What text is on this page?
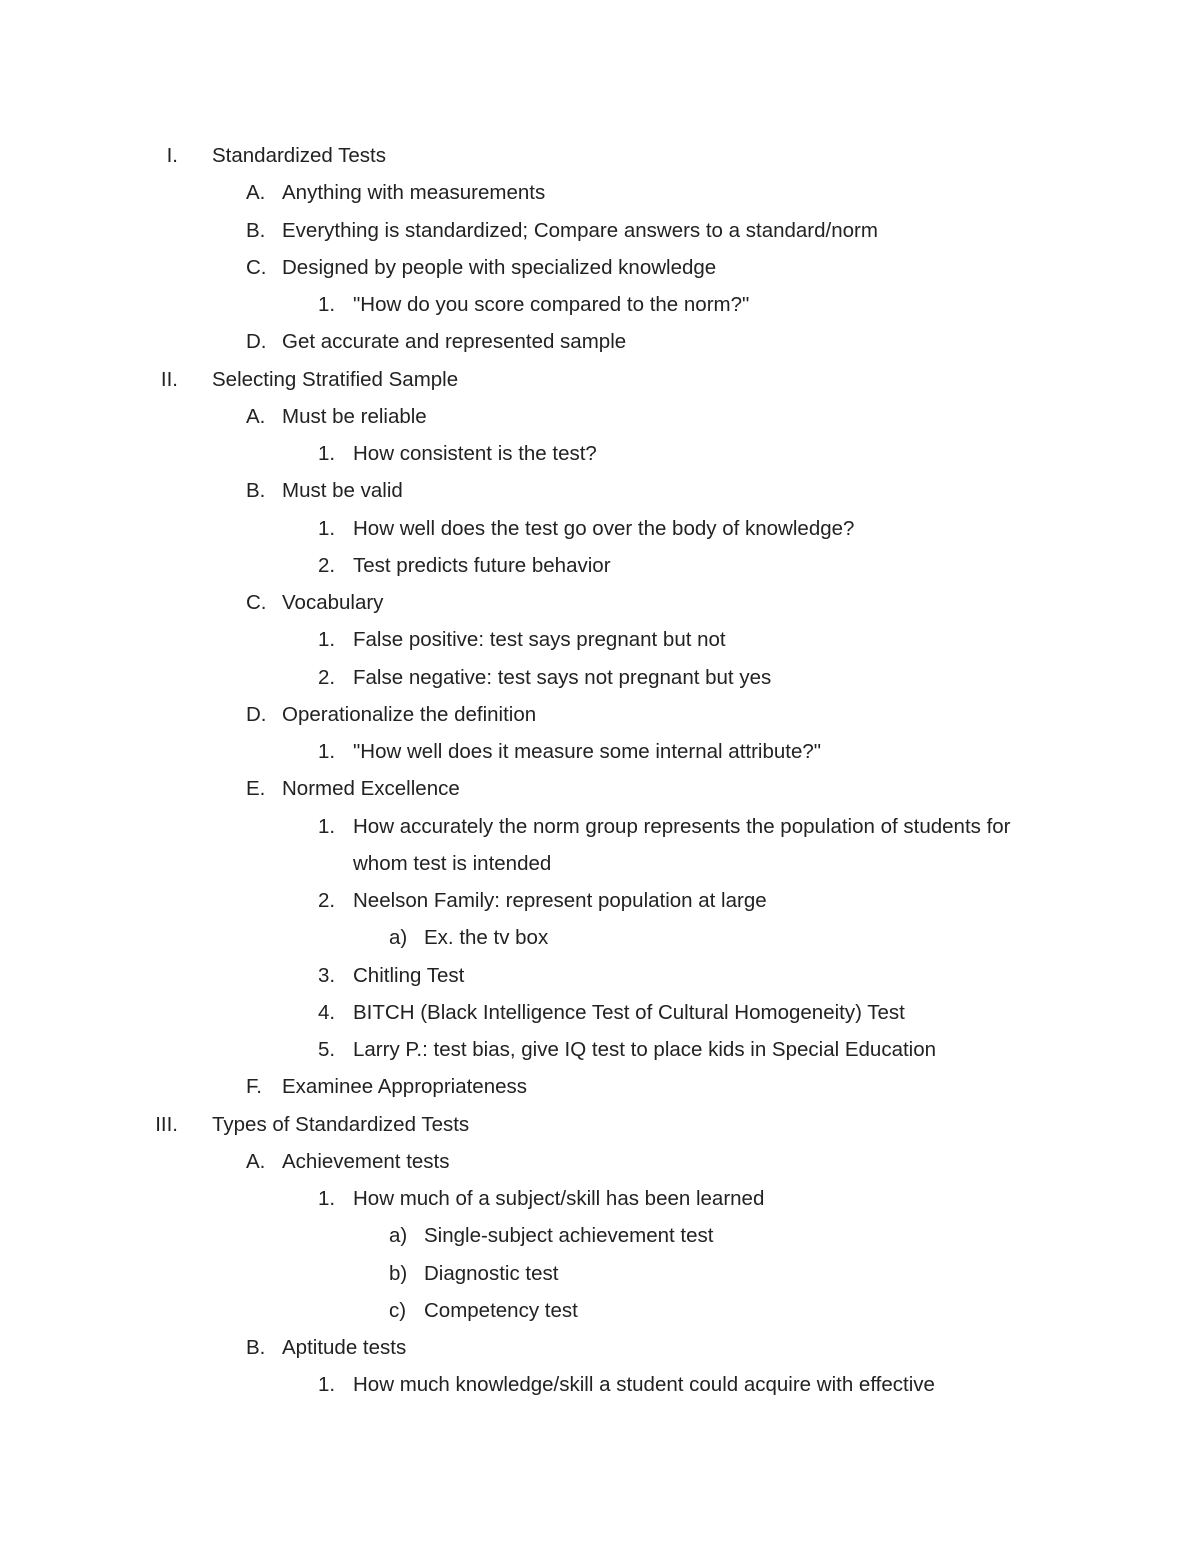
I. Standardized Tests
A. Anything with measurements
B. Everything is standardized; Compare answers to a standard/norm
C. Designed by people with specialized knowledge
1. "How do you score compared to the norm?"
D. Get accurate and represented sample
II. Selecting Stratified Sample
A. Must be reliable
1. How consistent is the test?
B. Must be valid
1. How well does the test go over the body of knowledge?
2. Test predicts future behavior
C. Vocabulary
1. False positive: test says pregnant but not
2. False negative: test says not pregnant but yes
D. Operationalize the definition
1. "How well does it measure some internal attribute?"
E. Normed Excellence
1. How accurately the norm group represents the population of students for
whom test is intended
2. Neelson Family: represent population at large
a) Ex. the tv box
3. Chitling Test
4. BITCH (Black Intelligence Test of Cultural Homogeneity) Test
5. Larry P.: test bias, give IQ test to place kids in Special Education
F. Examinee Appropriateness
III. Types of Standardized Tests
A. Achievement tests
1. How much of a subject/skill has been learned
a) Single-subject achievement test
b) Diagnostic test
c) Competency test
B. Aptitude tests
1. How much knowledge/skill a student could acquire with effective
